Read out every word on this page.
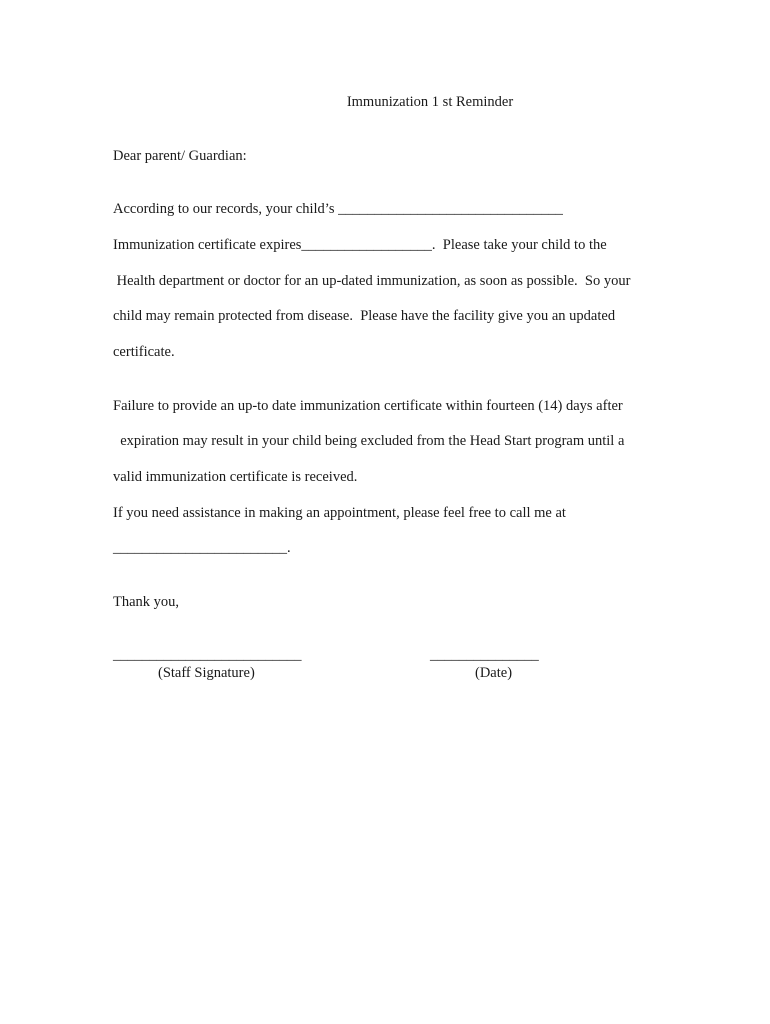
Immunization 1 st Reminder
Dear parent/ Guardian:
According to our records, your child’s _______________________________
Immunization certificate expires__________________.  Please take your child to the
Health department or doctor for an up-dated immunization, as soon as possible.  So your
child may remain protected from disease.  Please have the facility give you an updated
certificate.
Failure to provide an up-to date immunization certificate within fourteen (14) days after
expiration may result in your child being excluded from the Head Start program until a
valid immunization certificate is received.
If you need assistance in making an appointment, please feel free to call me at
________________________.
Thank you,
__________________________
(Staff Signature)
_______________
(Date)
